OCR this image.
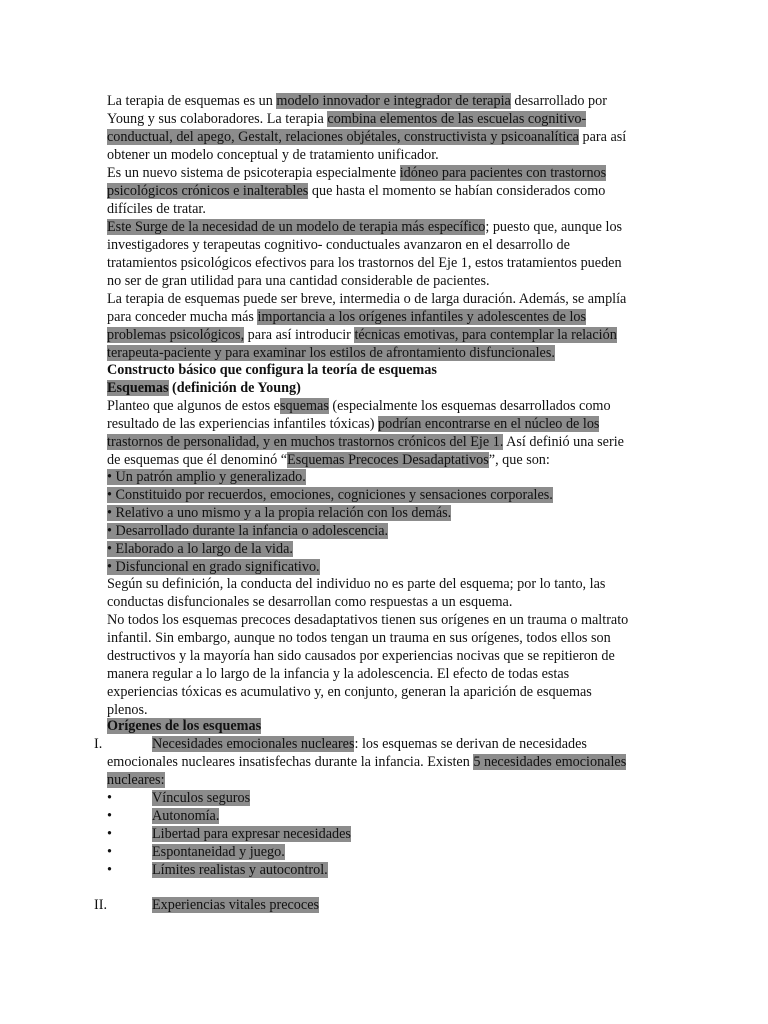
La terapia de esquemas es un modelo innovador e integrador de terapia desarrollado por
Young y sus colaboradores. La terapia combina elementos de las escuelas cognitivo-
conductual, del apego, Gestalt, relaciones objétales, constructivista y psicoanalítica para así
obtener un modelo conceptual y de tratamiento unificador.
Es un nuevo sistema de psicoterapia especialmente idóneo para pacientes con trastornos
psicológicos crónicos e inalterables que hasta el momento se habían considerados como
difíciles de tratar.
Este Surge de la necesidad de un modelo de terapia más específico; puesto que, aunque los
investigadores y terapeutas cognitivo- conductuales avanzaron en el desarrollo de
tratamientos psicológicos efectivos para los trastornos del Eje 1, estos tratamientos pueden
no ser de gran utilidad para una cantidad considerable de pacientes.
La terapia de esquemas puede ser breve, intermedia o de larga duración. Además, se amplía
para conceder mucha más importancia a los orígenes infantiles y adolescentes de los
problemas psicológicos, para así introducir técnicas emotivas, para contemplar la relación
terapeuta-paciente y para examinar los estilos de afrontamiento disfuncionales.
Constructo básico que configura la teoría de esquemas
Esquemas (definición de Young)
Planteo que algunos de estos esquemas (especialmente los esquemas desarrollados como
resultado de las experiencias infantiles tóxicas) podrían encontrarse en el núcleo de los
trastornos de personalidad, y en muchos trastornos crónicos del Eje 1. Así definió una serie
de esquemas que él denominó “Esquemas Precoces Desadaptativos”, que son:
• Un patrón amplio y generalizado.
• Constituido por recuerdos, emociones, cogniciones y sensaciones corporales.
• Relativo a uno mismo y a la propia relación con los demás.
• Desarrollado durante la infancia o adolescencia.
• Elaborado a lo largo de la vida.
• Disfuncional en grado significativo.
Según su definición, la conducta del individuo no es parte del esquema; por lo tanto, las
conductas disfuncionales se desarrollan como respuestas a un esquema.
No todos los esquemas precoces desadaptativos tienen sus orígenes en un trauma o maltrato
infantil. Sin embargo, aunque no todos tengan un trauma en sus orígenes, todos ellos son
destructivos y la mayoría han sido causados por experiencias nocivas que se repitieron de
manera regular a lo largo de la infancia y la adolescencia. El efecto de todas estas
experiencias tóxicas es acumulativo y, en conjunto, generan la aparición de esquemas
plenos.
Orígenes de los esquemas
I.	Necesidades emocionales nucleares: los esquemas se derivan de necesidades
emocionales nucleares insatisfechas durante la infancia. Existen 5 necesidades emocionales
nucleares:
•	Vínculos seguros
•	Autonomía.
•	Libertad para expresar necesidades
•	Espontaneidad y juego.
•	Límites realistas y autocontrol.
II.	Experiencias vitales precoces
